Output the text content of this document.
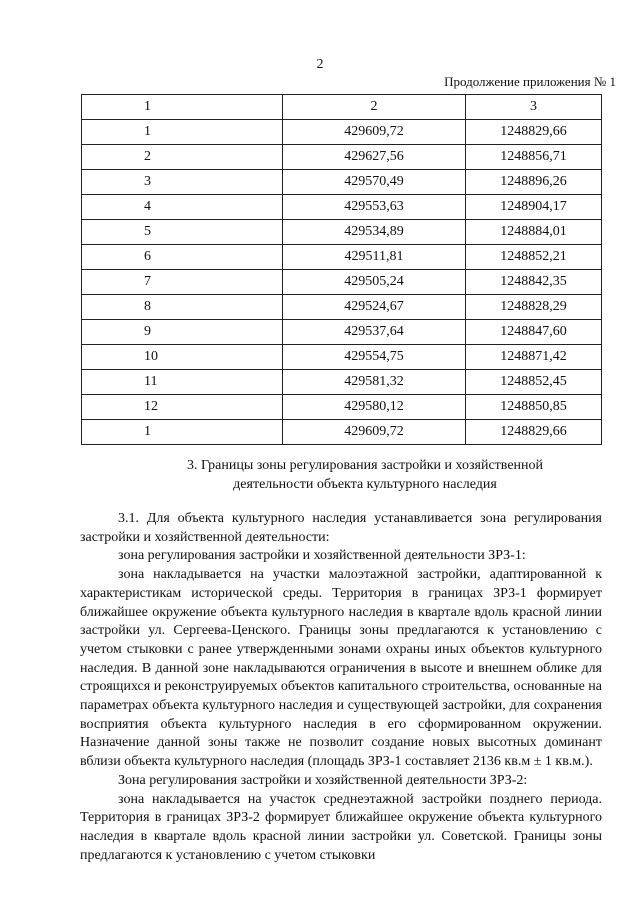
2
Продолжение приложения № 1
1	2	3
1	429609,72	1248829,66
2	429627,56	1248856,71
3	429570,49	1248896,26
4	429553,63	1248904,17
5	429534,89	1248884,01
6	429511,81	1248852,21
7	429505,24	1248842,35
8	429524,67	1248828,29
9	429537,64	1248847,60
10	429554,75	1248871,42
11	429581,32	1248852,45
12	429580,12	1248850,85
1	429609,72	1248829,66
3. Границы зоны регулирования застройки и хозяйственной
деятельности объекта культурного наследия

3.1. Для объекта культурного наследия устанавливается зона регулирования застройки и хозяйственной деятельности:

зона регулирования застройки и хозяйственной деятельности ЗРЗ-1:

зона накладывается на участки малоэтажной застройки, адаптированной к характеристикам исторической среды. Территория в границах ЗРЗ-1 формирует ближайшее окружение объекта культурного наследия в квартале вдоль красной линии застройки ул. Сергеева-Ценского. Границы зоны предлагаются к установлению с учетом стыковки с ранее утвержденными зонами охраны иных объектов культурного наследия. В данной зоне накладываются ограничения в высоте и внешнем облике для строящихся и реконструируемых объектов капитального строительства, основанные на параметрах объекта культурного наследия и существующей застройки, для сохранения восприятия объекта культурного наследия в его сформированном окружении. Назначение данной зоны также не позволит создание новых высотных доминант вблизи объекта культурного наследия (площадь ЗРЗ-1 составляет 2136 кв.м ± 1 кв.м.).

Зона регулирования застройки и хозяйственной деятельности ЗРЗ-2:

зона накладывается на участок среднеэтажной застройки позднего периода. Территория в границах ЗРЗ-2 формирует ближайшее окружение объекта культурного наследия в квартале вдоль красной линии застройки ул. Советской. Границы зоны предлагаются к установлению с учетом стыковки
